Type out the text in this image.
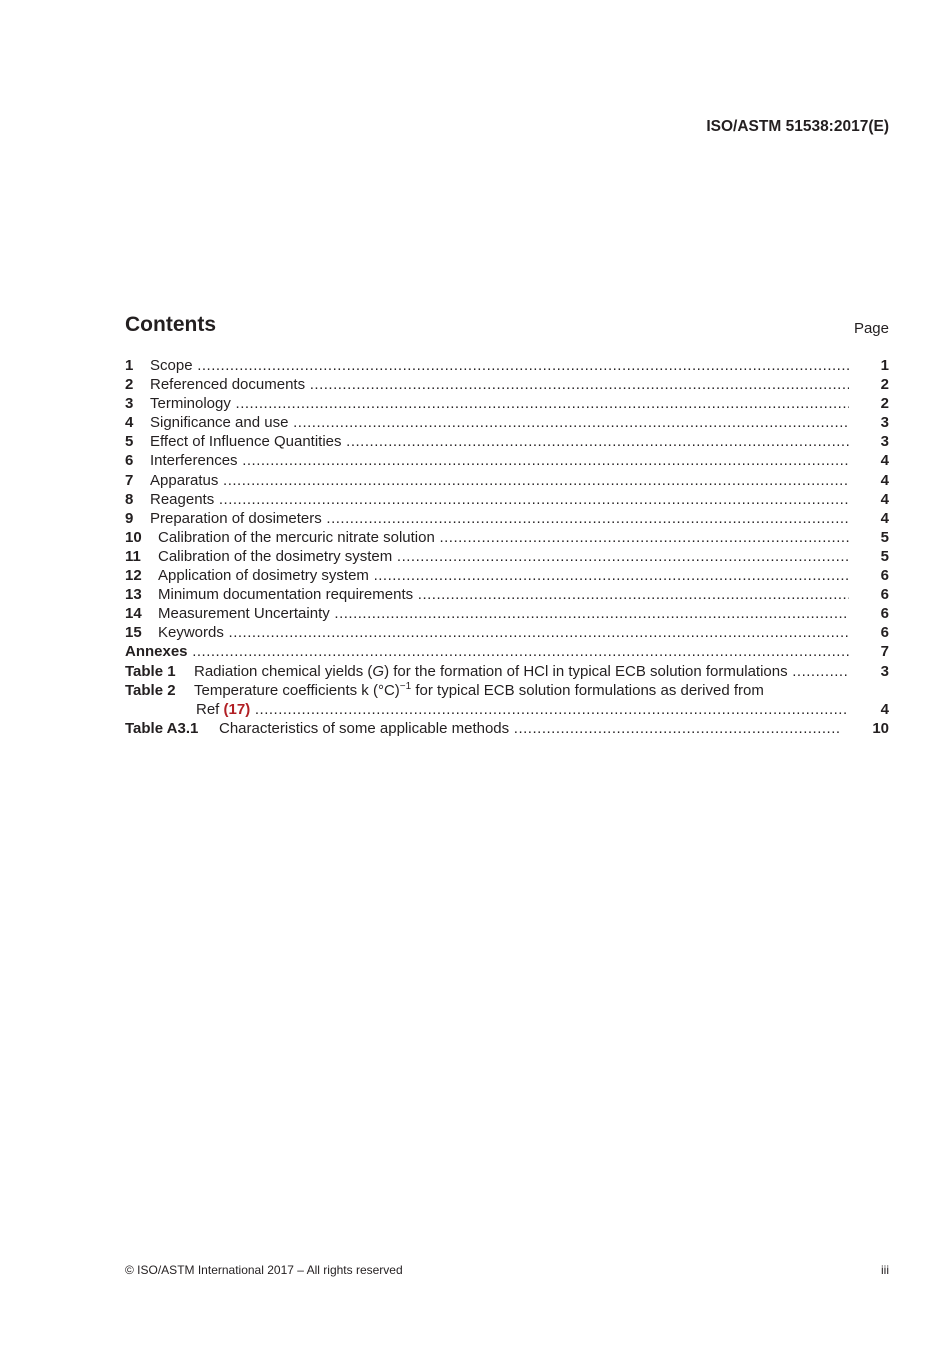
ISO/ASTM 51538:2017(E)
Contents	Page
1 Scope .....	1
2 Referenced documents .....	2
3 Terminology .....	2
4 Significance and use .....	3
5 Effect of Influence Quantities .....	3
6 Interferences .....	4
7 Apparatus .....	4
8 Reagents .....	4
9 Preparation of dosimeters .....	4
10 Calibration of the mercuric nitrate solution .....	5
11 Calibration of the dosimetry system .....	5
12 Application of dosimetry system .....	6
13 Minimum documentation requirements .....	6
14 Measurement Uncertainty .....	6
15 Keywords .....	6
Annexes .....	7
Table 1 Radiation chemical yields (G) for the formation of HCl in typical ECB solution formulations .....	3
Table 2 Temperature coefficients k $(^\circ C)^{-1}$ for typical ECB solution formulations as derived from
Ref (17) .....	4
Table A3.1 Characteristics of some applicable methods .....	10
© ISO/ASTM International 2017 – All rights reserved	iii
